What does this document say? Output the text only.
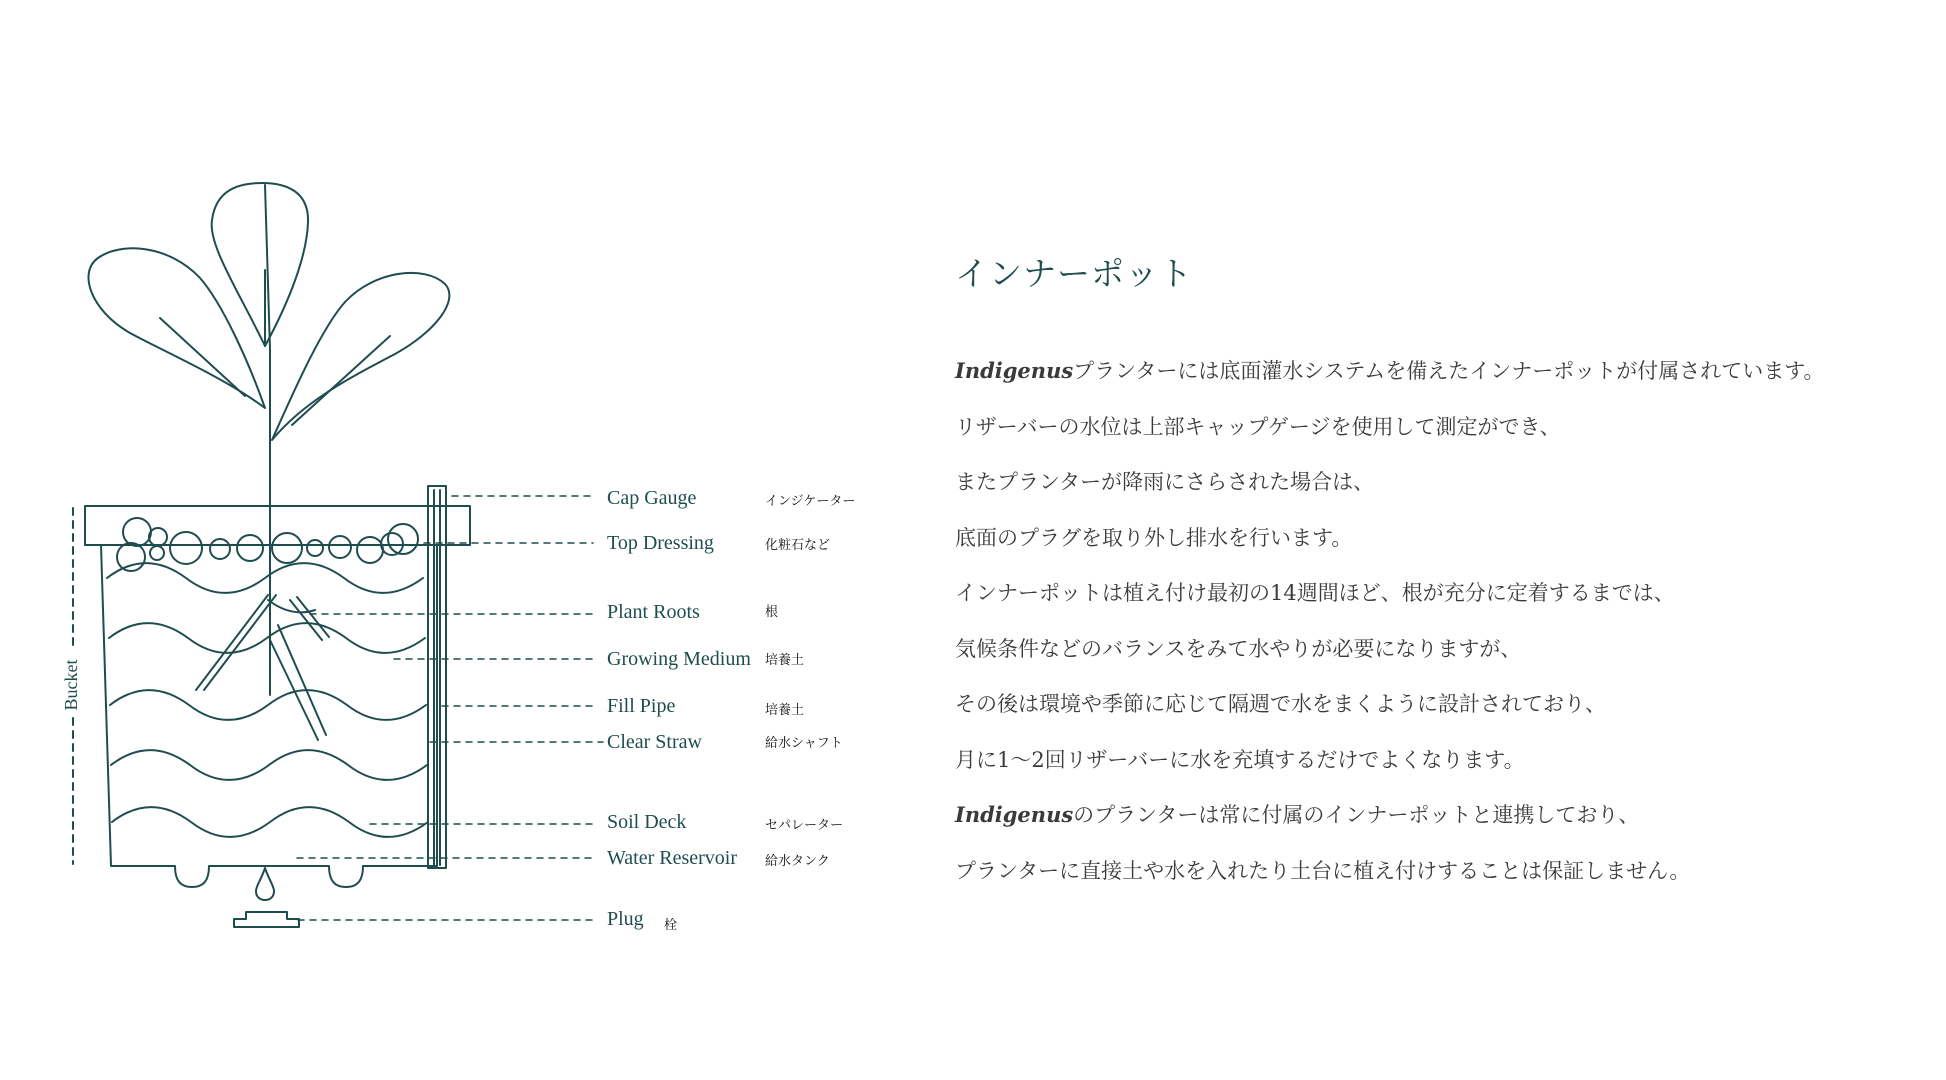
Bucket
Cap Gauge	インジケーター
Top Dressing	化粧石など
Plant Roots	根
Growing Medium 培養土
Fill Pipe	培養土
Clear Straw	給水シャフト
Soil Deck	セパレーター
Water Reservoir 給水タンク
Plug 栓
インナーポット
Indigenusプランターには底面灌水システムを備えたインナーポットが付属されています。
リザーバーの水位は上部キャップゲージを使用して測定ができ、
またプランターが降雨にさらされた場合は、
底面のプラグを取り外し排水を行います。
インナーポットは植え付け最初の14週間ほど、根が充分に定着するまでは、
気候条件などのバランスをみて水やりが必要になりますが、
その後は環境や季節に応じて隔週で水をまくように設計されており、
月に1〜2回リザーバーに水を充填するだけでよくなります。
Indigenusのプランターは常に付属のインナーポットと連携しており、
プランターに直接土や水を入れたり土台に植え付けすることは保証しません。
